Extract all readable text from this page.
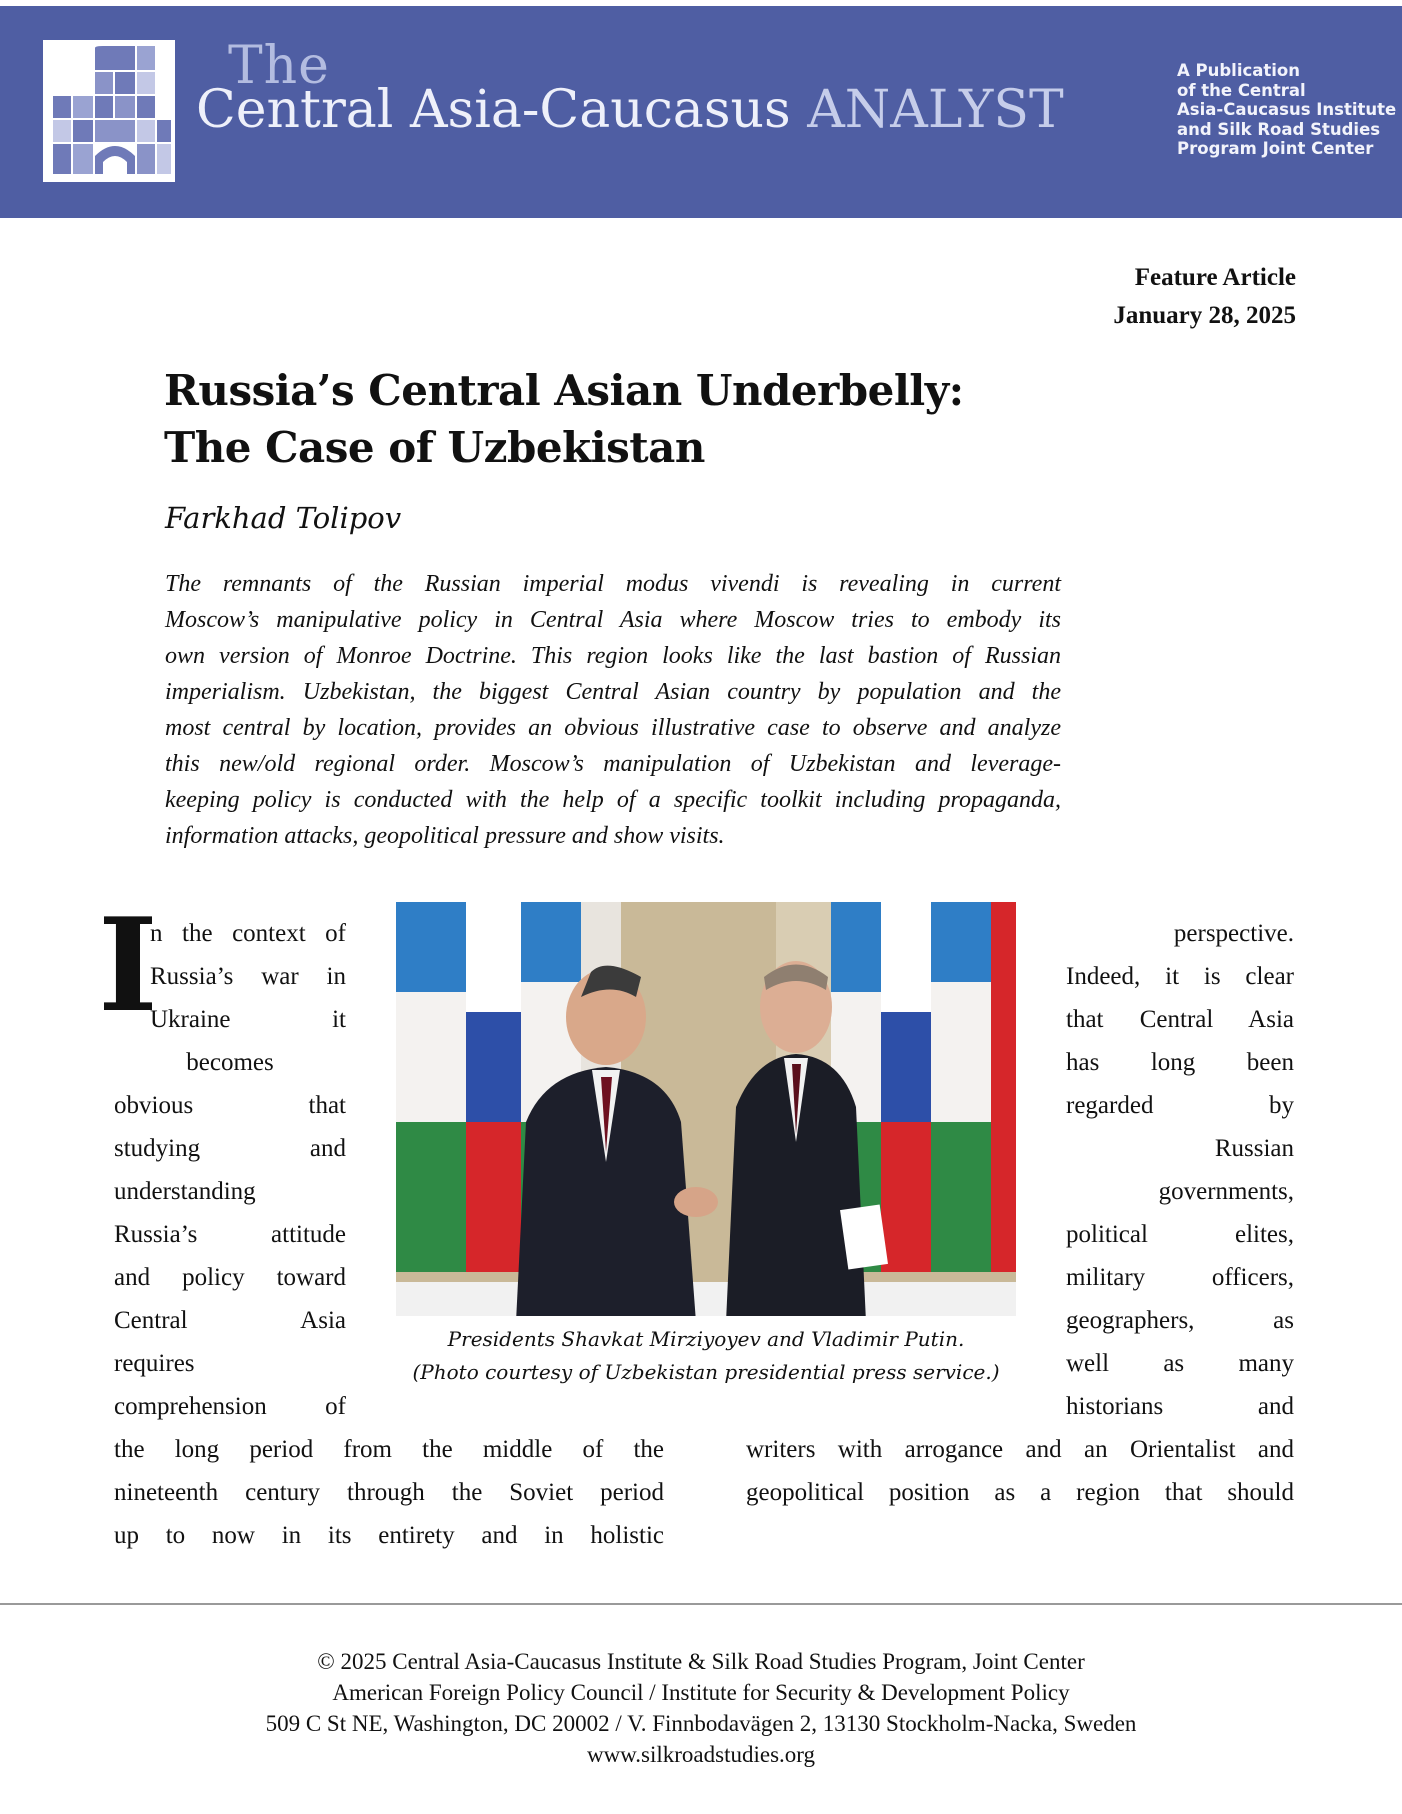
The
Central Asia-Caucasus ANALYST
A Publication
of the Central
Asia-Caucasus Institute
and Silk Road Studies
Program Joint Center
Feature Article
January 28, 2025
Russia’s Central Asian Underbelly:
The Case of Uzbekistan
Farkhad Tolipov
The remnants of the Russian imperial modus vivendi is revealing in current
Moscow’s manipulative policy in Central Asia where Moscow tries to embody its
own version of Monroe Doctrine. This region looks like the last bastion of Russian
imperialism. Uzbekistan, the biggest Central Asian country by population and the
most central by location, provides an obvious illustrative case to observe and analyze
this new/old regional order. Moscow’s manipulation of Uzbekistan and leverage-
keeping policy is conducted with the help of a specific toolkit including propaganda,
information attacks, geopolitical pressure and show visits.
I
n the context of
Russia’s war in
Ukraine it
becomes
obvious that
studying and
understanding
Russia’s attitude
and policy toward
Central Asia
requires
comprehension of
Presidents Shavkat Mirziyoyev and Vladimir Putin.
(Photo courtesy of Uzbekistan presidential press service.)
perspective.
Indeed, it is clear
that Central Asia
has long been
regarded by
Russian
governments,
political elites,
military officers,
geographers, as
well as many
historians and
the long period from the middle of the
nineteenth century through the Soviet period
up to now in its entirety and in holistic
writers with arrogance and an Orientalist and
geopolitical position as a region that should
© 2025 Central Asia-Caucasus Institute & Silk Road Studies Program, Joint Center
American Foreign Policy Council / Institute for Security & Development Policy
509 C St NE, Washington, DC 20002 / V. Finnbodavägen 2, 13130 Stockholm-Nacka, Sweden
www.silkroadstudies.org
